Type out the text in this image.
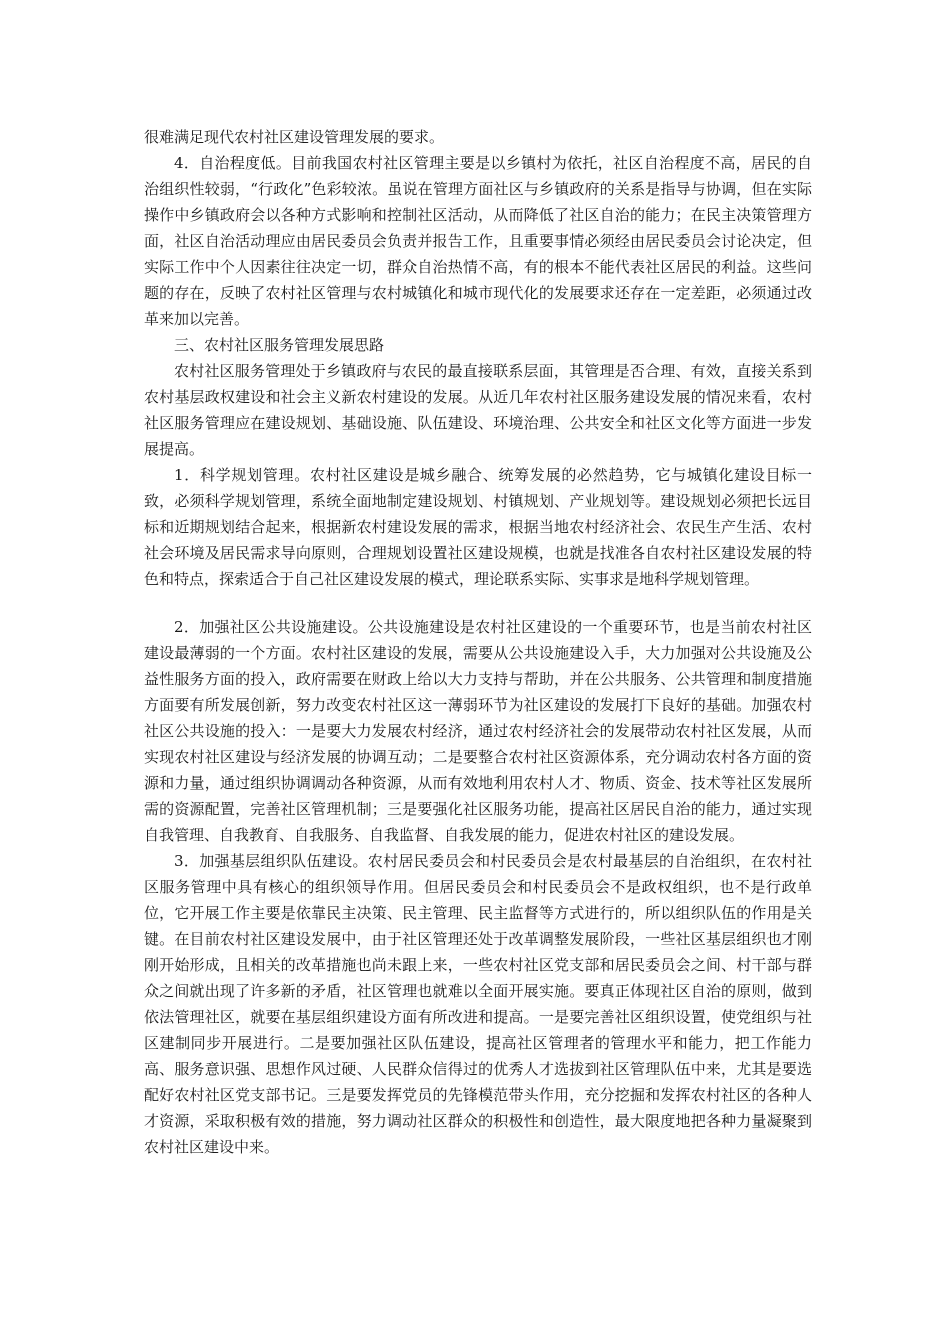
很难满足现代农村社区建设管理发展的要求。

4．自治程度低。目前我国农村社区管理主要是以乡镇村为依托，社区自治程度不高，居民的自治组织性较弱，“行政化”色彩较浓。虽说在管理方面社区与乡镇政府的关系是指导与协调，但在实际操作中乡镇政府会以各种方式影响和控制社区活动，从而降低了社区自治的能力；在民主决策管理方面，社区自治活动理应由居民委员会负责并报告工作，且重要事情必须经由居民委员会讨论决定，但实际工作中个人因素往往决定一切，群众自治热情不高，有的根本不能代表社区居民的利益。这些问题的存在，反映了农村社区管理与农村城镇化和城市现代化的发展要求还存在一定差距，必须通过改革来加以完善。

三、农村社区服务管理发展思路

农村社区服务管理处于乡镇政府与农民的最直接联系层面，其管理是否合理、有效，直接关系到农村基层政权建设和社会主义新农村建设的发展。从近几年农村社区服务建设发展的情况来看，农村社区服务管理应在建设规划、基础设施、队伍建设、环境治理、公共安全和社区文化等方面进一步发展提高。

1．科学规划管理。农村社区建设是城乡融合、统筹发展的必然趋势，它与城镇化建设目标一致，必须科学规划管理，系统全面地制定建设规划、村镇规划、产业规划等。建设规划必须把长远目标和近期规划结合起来，根据新农村建设发展的需求，根据当地农村经济社会、农民生产生活、农村社会环境及居民需求导向原则，合理规划设置社区建设规模，也就是找准各自农村社区建设发展的特色和特点，探索适合于自己社区建设发展的模式，理论联系实际、实事求是地科学规划管理。

2．加强社区公共设施建设。公共设施建设是农村社区建设的一个重要环节，也是当前农村社区建设最薄弱的一个方面。农村社区建设的发展，需要从公共设施建设入手，大力加强对公共设施及公益性服务方面的投入，政府需要在财政上给以大力支持与帮助，并在公共服务、公共管理和制度措施方面要有所发展创新，努力改变农村社区这一薄弱环节为社区建设的发展打下良好的基础。加强农村社区公共设施的投入：一是要大力发展农村经济，通过农村经济社会的发展带动农村社区发展，从而实现农村社区建设与经济发展的协调互动；二是要整合农村社区资源体系，充分调动农村各方面的资源和力量，通过组织协调调动各种资源，从而有效地利用农村人才、物质、资金、技术等社区发展所需的资源配置，完善社区管理机制；三是要强化社区服务功能，提高社区居民自治的能力，通过实现自我管理、自我教育、自我服务、自我监督、自我发展的能力，促进农村社区的建设发展。

3．加强基层组织队伍建设。农村居民委员会和村民委员会是农村最基层的自治组织，在农村社区服务管理中具有核心的组织领导作用。但居民委员会和村民委员会不是政权组织，也不是行政单位，它开展工作主要是依靠民主决策、民主管理、民主监督等方式进行的，所以组织队伍的作用是关键。在目前农村社区建设发展中，由于社区管理还处于改革调整发展阶段，一些社区基层组织也才刚刚开始形成，且相关的改革措施也尚未跟上来，一些农村社区党支部和居民委员会之间、村干部与群众之间就出现了许多新的矛盾，社区管理也就难以全面开展实施。要真正体现社区自治的原则，做到依法管理社区，就要在基层组织建设方面有所改进和提高。一是要完善社区组织设置，使党组织与社区建制同步开展进行。二是要加强社区队伍建设，提高社区管理者的管理水平和能力，把工作能力高、服务意识强、思想作风过硬、人民群众信得过的优秀人才选拔到社区管理队伍中来，尤其是要选配好农村社区党支部书记。三是要发挥党员的先锋模范带头作用，充分挖掘和发挥农村社区的各种人才资源，采取积极有效的措施，努力调动社区群众的积极性和创造性，最大限度地把各种力量凝聚到农村社区建设中来。
